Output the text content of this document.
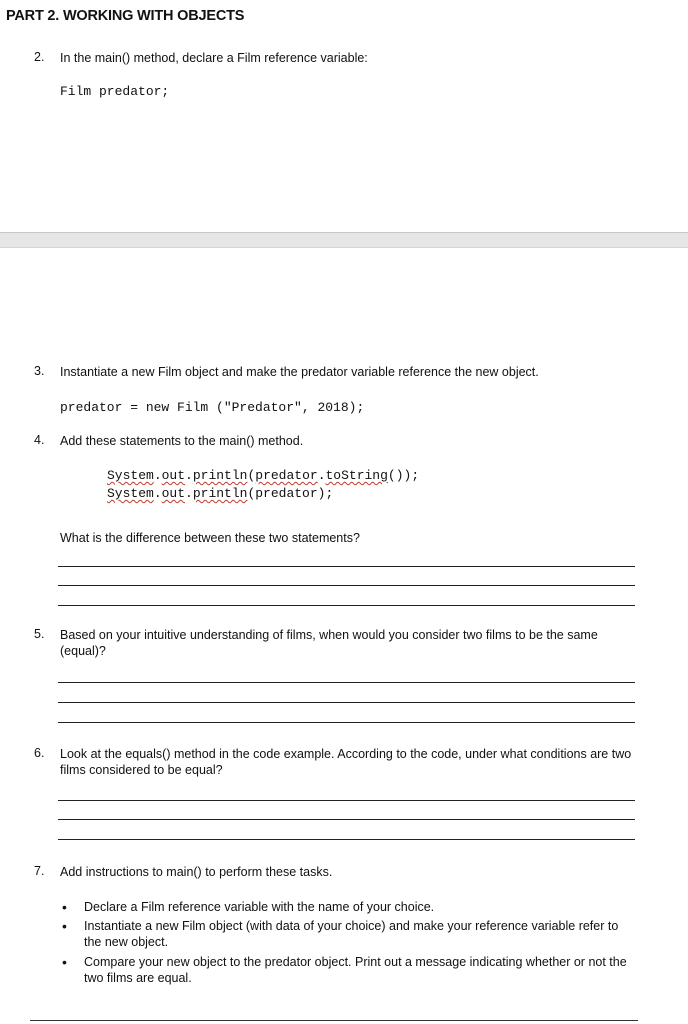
PART 2. WORKING WITH OBJECTS
2. In the main() method, declare a Film reference variable:
Film predator;
3. Instantiate a new Film object and make the predator variable reference the new object.
predator = new Film ("Predator", 2018);
4. Add these statements to the main() method.
System.out.println(predator.toString());
System.out.println(predator);
What is the difference between these two statements?
5. Based on your intuitive understanding of films, when would you consider two films to be the same (equal)?
6. Look at the equals() method in the code example. According to the code, under what conditions are two films considered to be equal?
7. Add instructions to main() to perform these tasks.
• Declare a Film reference variable with the name of your choice.
• Instantiate a new Film object (with data of your choice) and make your reference variable refer to the new object.
• Compare your new object to the predator object. Print out a message indicating whether or not the two films are equal.
